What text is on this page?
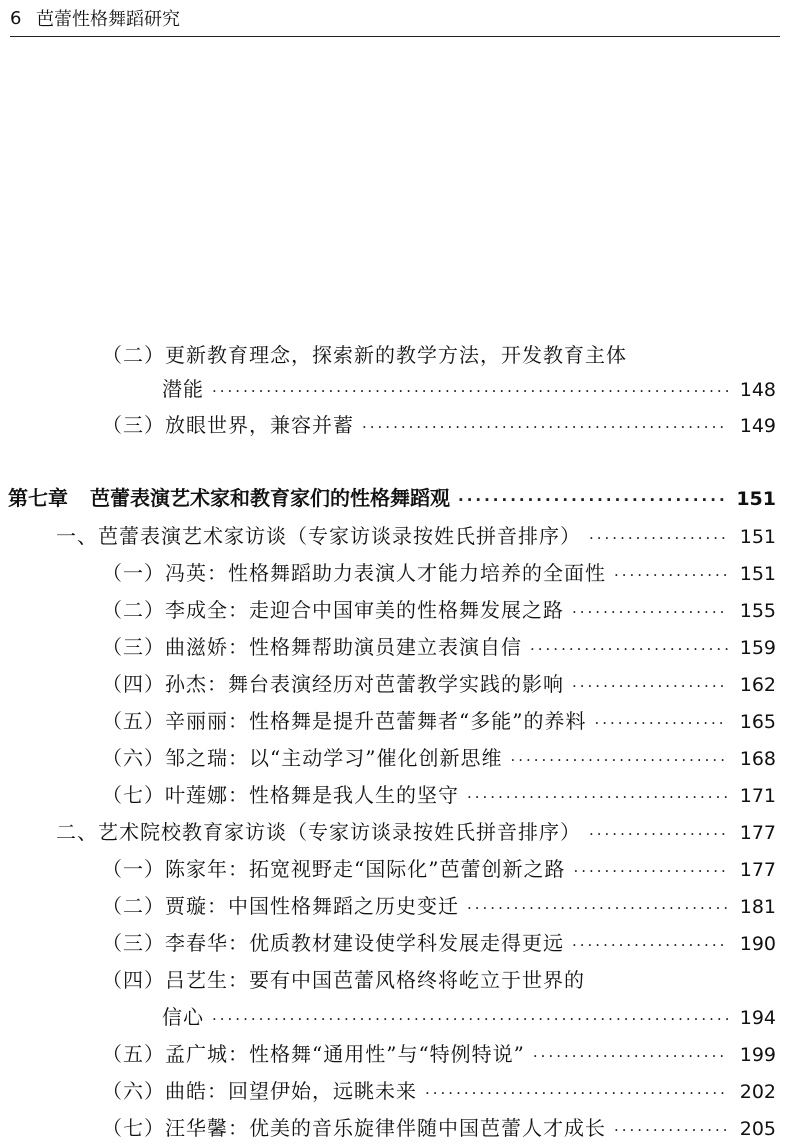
6 芭蕾性格舞蹈研究
（二）更新教育理念，探索新的教学方法，开发教育主体
潜能 ·····	148
（三）放眼世界，兼容并蓄 ·····	149
第七章 芭蕾表演艺术家和教育家们的性格舞蹈观 ·····	151
一、芭蕾表演艺术家访谈（专家访谈录按姓氏拼音排序） ·····	151
（一）冯英：性格舞蹈助力表演人才能力培养的全面性 ·····	151
（二）李成全：走迎合中国审美的性格舞发展之路 ·····	155
（三）曲滋娇：性格舞帮助演员建立表演自信 ·····	159
（四）孙杰：舞台表演经历对芭蕾教学实践的影响 ·····	162
（五）辛丽丽：性格舞是提升芭蕾舞者“多能”的养料 ·····	165
（六）邹之瑞：以“主动学习”催化创新思维 ·····	168
（七）叶莲娜：性格舞是我人生的坚守 ·····	171
二、艺术院校教育家访谈（专家访谈录按姓氏拼音排序） ·····	177
（一）陈家年：拓宽视野走“国际化”芭蕾创新之路 ·····	177
（二）贾璇：中国性格舞蹈之历史变迁 ·····	181
（三）李春华：优质教材建设使学科发展走得更远 ·····	190
（四）吕艺生：要有中国芭蕾风格终将屹立于世界的
信心 ·····	194
（五）孟广城：性格舞“通用性”与“特例特说” ·····	199
（六）曲皓：回望伊始，远眺未来 ·····	202
（七）汪华馨：优美的音乐旋律伴随中国芭蕾人才成长 ·····	205
